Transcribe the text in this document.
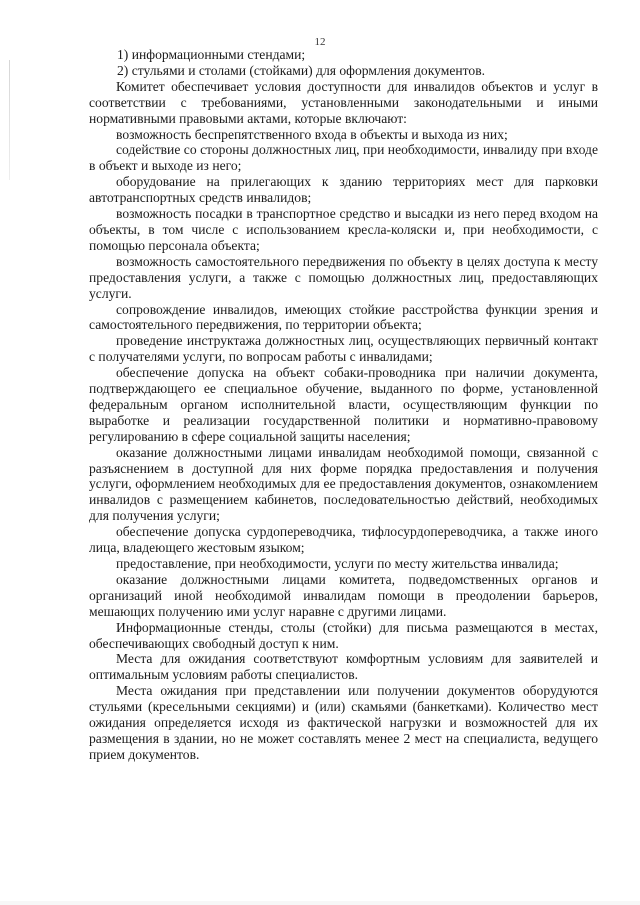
12

1) информационными стендами;

2) стульями и столами (стойками) для оформления документов.

Комитет обеспечивает условия доступности для инвалидов объектов и услуг в соответствии с требованиями, установленными законодательными и иными нормативными правовыми актами, которые включают:

возможность беспрепятственного входа в объекты и выхода из них;

содействие со стороны должностных лиц, при необходимости, инвалиду при входе в объект и выходе из него;

оборудование на прилегающих к зданию территориях мест для парковки автотранспортных средств инвалидов;

возможность посадки в транспортное средство и высадки из него перед входом на объекты, в том числе с использованием кресла-коляски и, при необходимости, с помощью персонала объекта;

возможность самостоятельного передвижения по объекту в целях доступа к месту предоставления услуги, а также с помощью должностных лиц, предоставляющих услуги.

сопровождение инвалидов, имеющих стойкие расстройства функции зрения и самостоятельного передвижения, по территории объекта;

проведение инструктажа должностных лиц, осуществляющих первичный контакт с получателями услуги, по вопросам работы с инвалидами;

обеспечение допуска на объект собаки-проводника при наличии документа, подтверждающего ее специальное обучение, выданного по форме, установленной федеральным органом исполнительной власти, осуществляющим функции по выработке и реализации государственной политики и нормативно-правовому регулированию в сфере социальной защиты населения;

оказание должностными лицами инвалидам необходимой помощи, связанной с разъяснением в доступной для них форме порядка предоставления и получения услуги, оформлением необходимых для ее предоставления документов, ознакомлением инвалидов с размещением кабинетов, последовательностью действий, необходимых для получения услуги;

обеспечение допуска сурдопереводчика, тифлосурдопереводчика, а также иного лица, владеющего жестовым языком;

предоставление, при необходимости, услуги по месту жительства инвалида;

оказание должностными лицами комитета, подведомственных органов и организаций иной необходимой инвалидам помощи в преодолении барьеров, мешающих получению ими услуг наравне с другими лицами.

Информационные стенды, столы (стойки) для письма размещаются в местах, обеспечивающих свободный доступ к ним.

Места для ожидания соответствуют комфортным условиям для заявителей и оптимальным условиям работы специалистов.

Места ожидания при представлении или получении документов оборудуются стульями (кресельными секциями) и (или) скамьями (банкетками). Количество мест ожидания определяется исходя из фактической нагрузки и возможностей для их размещения в здании, но не может составлять менее 2 мест на специалиста, ведущего прием документов.
